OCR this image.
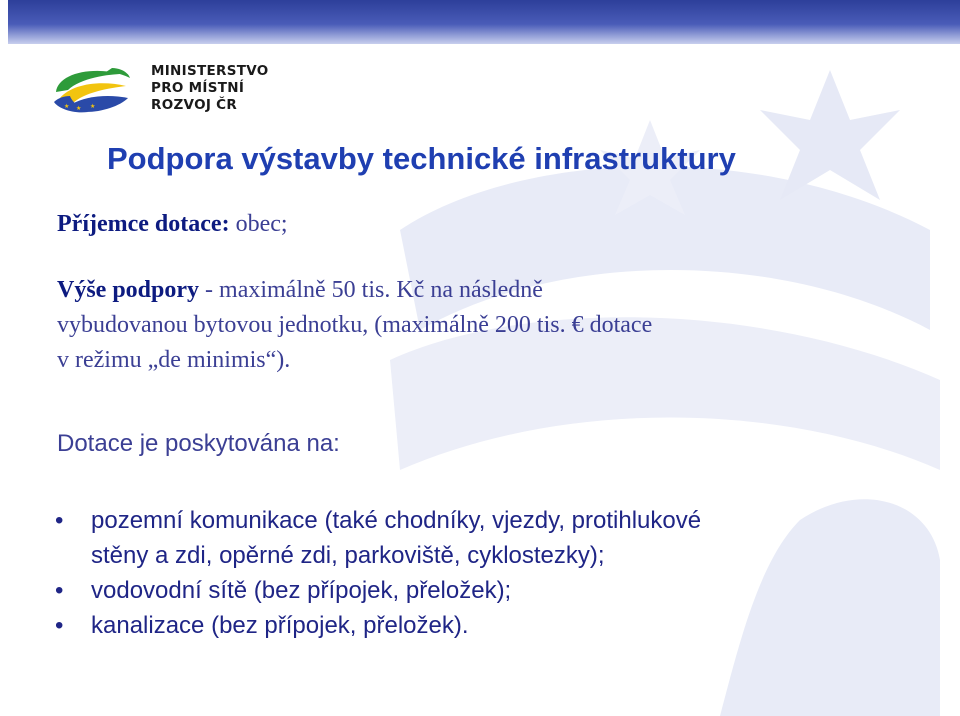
★ ★ ★
MINISTERSTVO
PRO MÍSTNÍ
ROZVOJ ČR
Podpora výstavby technické infrastruktury
Příjemce dotace: obec;
Výše podpory - maximálně 50 tis. Kč na následně
vybudovanou bytovou jednotku, (maximálně 200 tis. € dotace
v režimu „de minimis“).
Dotace je poskytována na:
•	pozemní komunikace (také chodníky, vjezdy, protihlukové
stěny a zdi, opěrné zdi, parkoviště, cyklostezky);
•	vodovodní sítě (bez přípojek, přeložek);
•	kanalizace (bez přípojek, přeložek).
